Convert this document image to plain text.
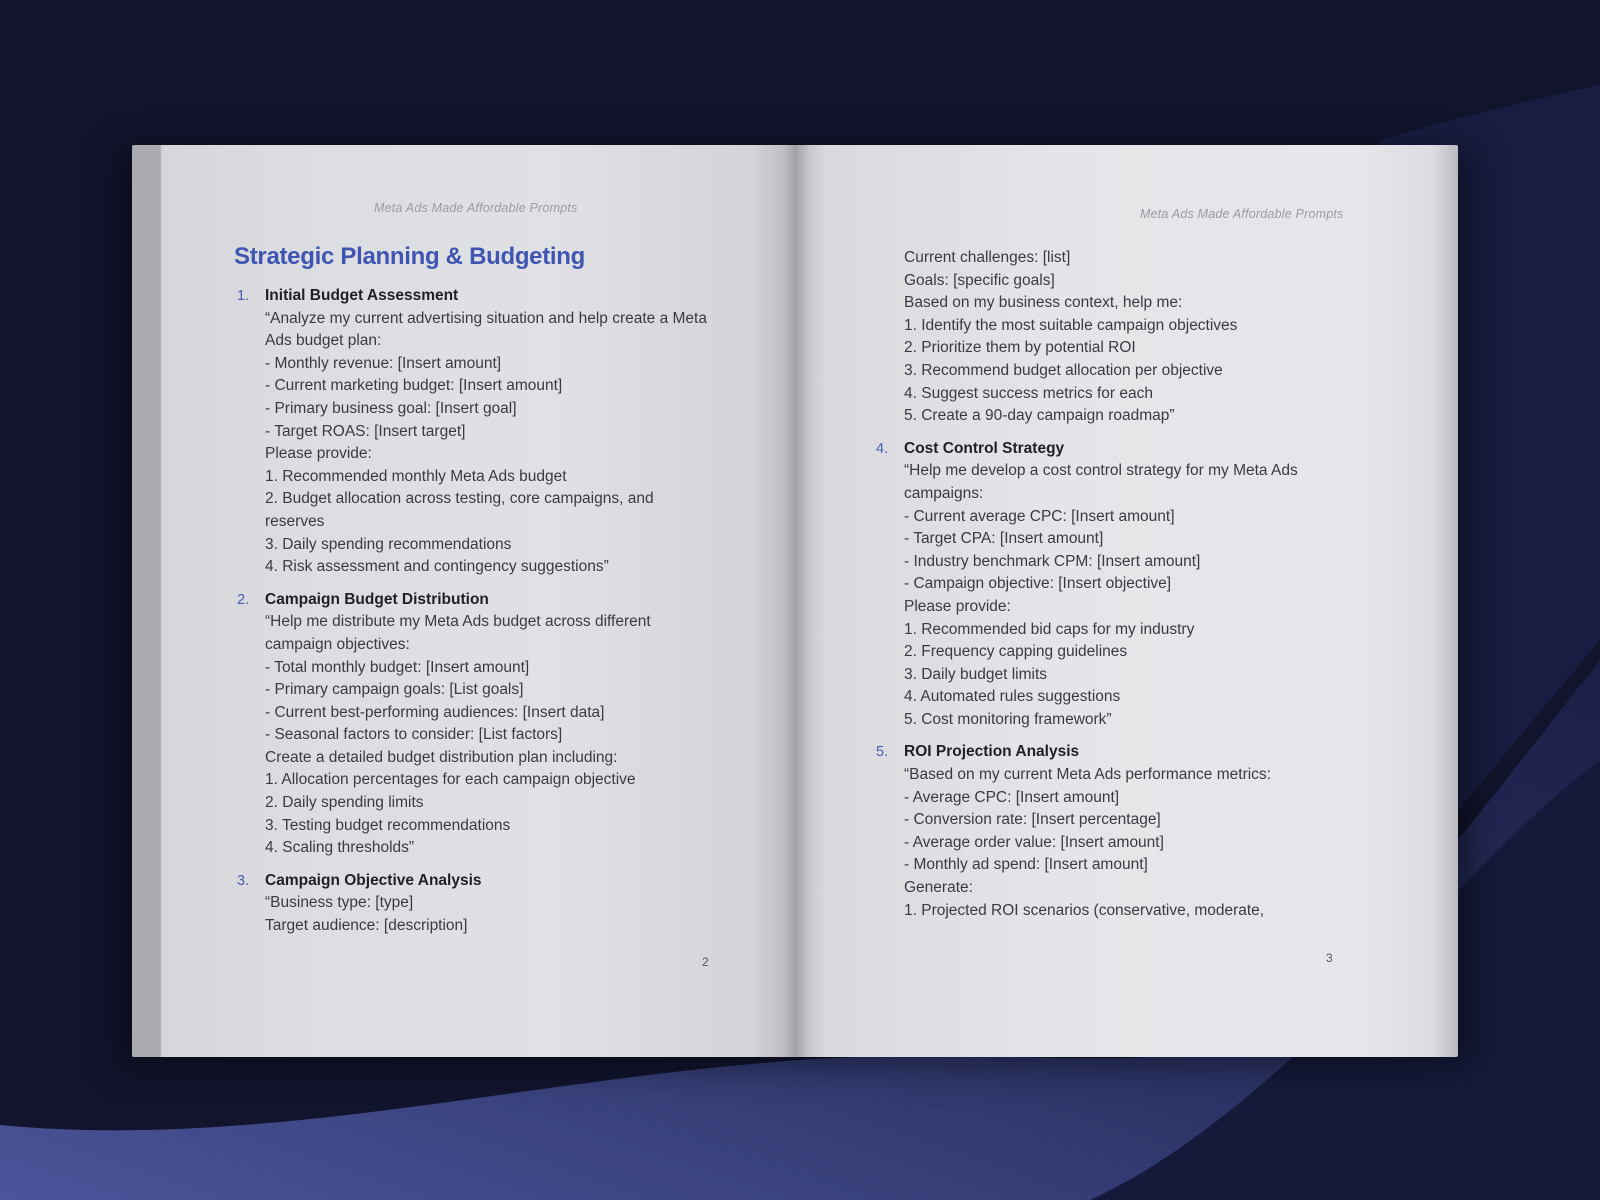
Meta Ads Made Affordable Prompts
Strategic Planning & Budgeting
1.	Initial Budget Assessment
“Analyze my current advertising situation and help create a Meta Ads budget plan:
- Monthly revenue: [Insert amount]
- Current marketing budget: [Insert amount]
- Primary business goal: [Insert goal]
- Target ROAS: [Insert target]
Please provide:
1. Recommended monthly Meta Ads budget
2. Budget allocation across testing, core campaigns, and reserves
3. Daily spending recommendations
4. Risk assessment and contingency suggestions”
2.	Campaign Budget Distribution
“Help me distribute my Meta Ads budget across different campaign objectives:
- Total monthly budget: [Insert amount]
- Primary campaign goals: [List goals]
- Current best-performing audiences: [Insert data]
- Seasonal factors to consider: [List factors]
Create a detailed budget distribution plan including:
1. Allocation percentages for each campaign objective
2. Daily spending limits
3. Testing budget recommendations
4. Scaling thresholds”
3.	Campaign Objective Analysis
“Business type: [type]
Target audience: [description]
2
Meta Ads Made Affordable Prompts
Current challenges: [list]
Goals: [specific goals]
Based on my business context, help me:
1. Identify the most suitable campaign objectives
2. Prioritize them by potential ROI
3. Recommend budget allocation per objective
4. Suggest success metrics for each
5. Create a 90-day campaign roadmap”
4.	Cost Control Strategy
“Help me develop a cost control strategy for my Meta Ads campaigns:
- Current average CPC: [Insert amount]
- Target CPA: [Insert amount]
- Industry benchmark CPM: [Insert amount]
- Campaign objective: [Insert objective]
Please provide:
1. Recommended bid caps for my industry
2. Frequency capping guidelines
3. Daily budget limits
4. Automated rules suggestions
5. Cost monitoring framework”
5.	ROI Projection Analysis
“Based on my current Meta Ads performance metrics:
- Average CPC: [Insert amount]
- Conversion rate: [Insert percentage]
- Average order value: [Insert amount]
- Monthly ad spend: [Insert amount]
Generate:
1. Projected ROI scenarios (conservative, moderate,
3
